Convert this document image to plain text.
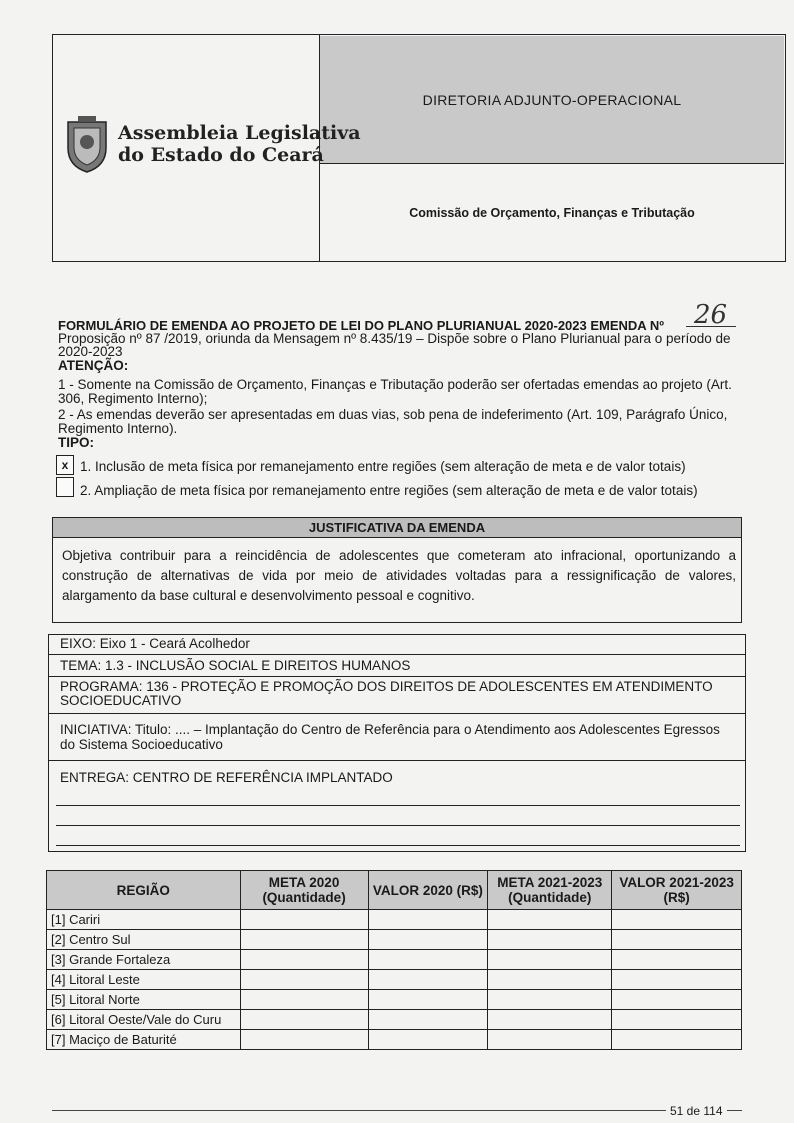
Assembleia Legislativa
do Estado do Ceará
DIRETORIA ADJUNTO-OPERACIONAL
Comissão de Orçamento, Finanças e Tributação
FORMULÁRIO DE EMENDA AO PROJETO DE LEI DO PLANO PLURIANUAL 2020-2023 EMENDA Nº 26
Proposição nº 87 /2019, oriunda da Mensagem nº 8.435/19 – Dispõe sobre o Plano Plurianual para o período de
2020-2023
ATENÇÃO:
1 - Somente na Comissão de Orçamento, Finanças e Tributação poderão ser ofertadas emendas ao projeto (Art.
306, Regimento Interno);
2 - As emendas deverão ser apresentadas em duas vias, sob pena de indeferimento (Art. 109, Parágrafo Único,
Regimento Interno).
TIPO:
x 1. Inclusão de meta física por remanejamento entre regiões (sem alteração de meta e de valor totais)
2. Ampliação de meta física por remanejamento entre regiões (sem alteração de meta e de valor totais)
JUSTIFICATIVA DA EMENDA
Objetiva contribuir para a reincidência de adolescentes que cometeram ato infracional, oportunizando a construção de alternativas de vida por meio de atividades voltadas para a ressignificação de valores, alargamento da base cultural e desenvolvimento pessoal e cognitivo.
EIXO: Eixo 1 - Ceará Acolhedor
TEMA: 1.3 - INCLUSÃO SOCIAL E DIREITOS HUMANOS
PROGRAMA: 136 - PROTEÇÃO E PROMOÇÃO DOS DIREITOS DE ADOLESCENTES EM ATENDIMENTO
SOCIOEDUCATIVO
INICIATIVA: Titulo: .... – Implantação do Centro de Referência para o Atendimento aos Adolescentes Egressos
do Sistema Socioeducativo
ENTREGA: CENTRO DE REFERÊNCIA IMPLANTADO
REGIÃO	META 2020 (Quantidade)	VALOR 2020 (R$)	META 2021-2023 (Quantidade)	VALOR 2021-2023 (R$)
[1] Cariri				
[2] Centro Sul				
[3] Grande Fortaleza				
[4] Litoral Leste				
[5] Litoral Norte				
[6] Litoral Oeste/Vale do Curu				
[7] Maciço de Baturité				
51 de 114
